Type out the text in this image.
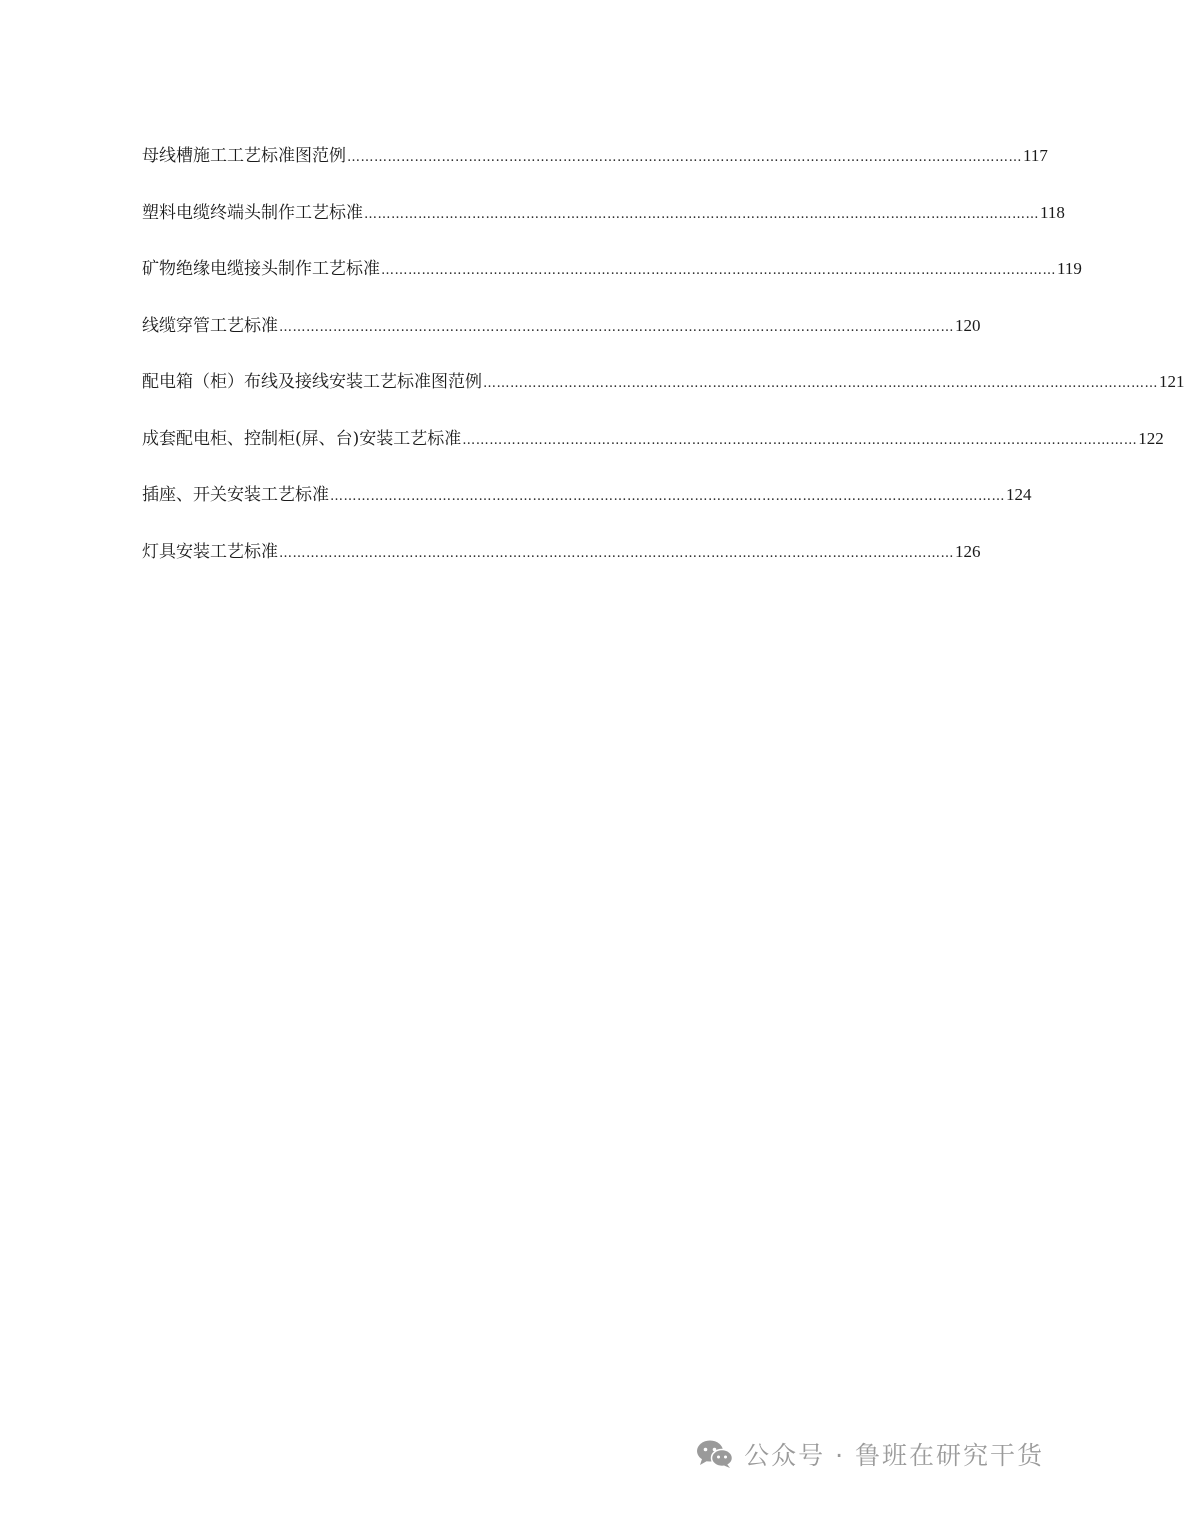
母线槽施工工艺标准图范例 …………………………………………………………………………………………………………………………………… 117
塑料电缆终端头制作工艺标准 …………………………………………………………………………………………………………………………………… 118
矿物绝缘电缆接头制作工艺标准 …………………………………………………………………………………………………………………………………… 119
线缆穿管工艺标准 …………………………………………………………………………………………………………………………………… 120
配电箱（柜）布线及接线安装工艺标准图范例 …………………………………………………………………………………………………………………………………… 121
成套配电柜、控制柜(屏、台)安装工艺标准 …………………………………………………………………………………………………………………………………… 122
插座、开关安装工艺标准 …………………………………………………………………………………………………………………………………… 124
灯具安装工艺标准 …………………………………………………………………………………………………………………………………… 126
公众号 · 鲁班在研究干货
